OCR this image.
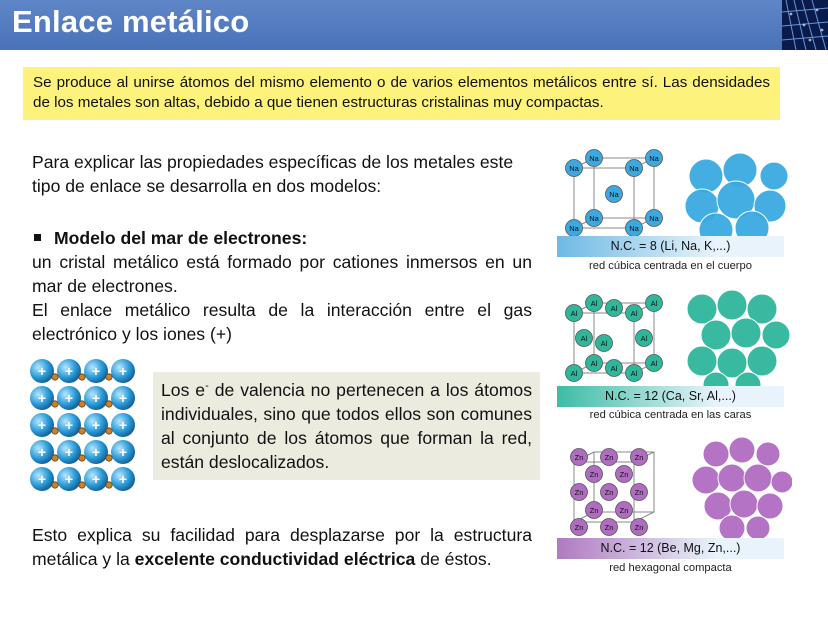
Enlace metálico
Se produce al unirse átomos del mismo elemento o de varios elementos metálicos entre sí. Las densidades de los metales son altas, debido a que tienen estructuras cristalinas muy compactas.
Para explicar las propiedades específicas de los metales este tipo de enlace se desarrolla en dos modelos:
Modelo del mar de electrones:
un cristal metálico está formado por cationes inmersos en un mar de electrones.
El enlace metálico resulta de la interacción entre el gas electrónico y los iones (+)
+ + + +
+ + + +
+ + + +
+ + + +
+ + + +
Los e- de valencia no pertenecen a los átomos individuales, sino que todos ellos son comunes al conjunto de los átomos que forman la red, están deslocalizados.
Esto explica su facilidad para desplazarse por la estructura metálica y la excelente conductividad eléctrica de éstos.
Na	Na
Na	Na
Na	Na
Na	Na
Na
N.C. = 8 (Li, Na, K,...)
red cúbica centrada en el cuerpo
Al	Al
Al	Al
Al	Al
Al	Al
Al
Al
Al	Al
Al
N.C. = 12 (Ca, Sr, Al,...)
red cúbica centrada en las caras
Zn	Zn	Zn
Zn	Zn	Zn
Zn	Zn	Zn
Zn	Zn
Zn	Zn
N.C. = 12 (Be, Mg, Zn,...)
red hexagonal compacta
